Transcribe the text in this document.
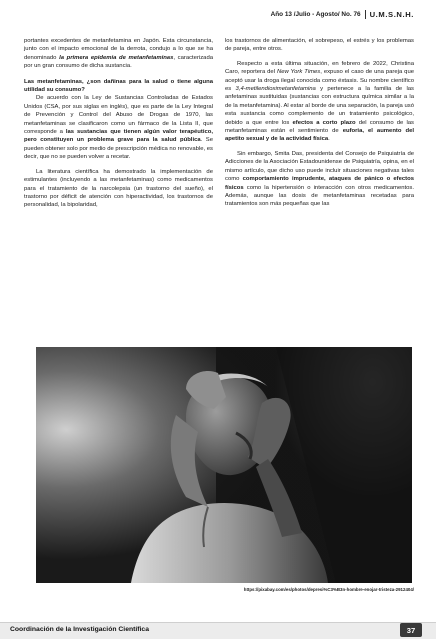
Año 13 /Julio - Agosto/ No. 76 U.M.S.N.H.

portantes excedentes de metanfetamina en Japón. Esta circunstancia, junto con el impacto emocional de la derrota, condujo a lo que se ha denominado la primera epidemia de metanfetaminas, caracterizada por un gran consumo de dicha sustancia.

Las metanfetaminas, ¿son dañinas para la salud o tiene alguna utilidad su consumo?

De acuerdo con la Ley de Sustancias Controladas de Estados Unidos (CSA, por sus siglas en inglés), que es parte de la Ley Integral de Prevención y Control del Abuso de Drogas de 1970, las metanfetaminas se clasificaron como un fármaco de la Lista II, que corresponde a las sustancias que tienen algún valor terapéutico, pero constituyen un problema grave para la salud pública. Se pueden obtener solo por medio de prescripción médica no renovable, es decir, que no se pueden volver a recetar.

La literatura científica ha demostrado la implementación de estimulantes (incluyendo a las metanfetaminas) como medicamentos para el tratamiento de la narcolepsia (un trastorno del sueño), el trastorno por déficit de atención con hiperactividad, los trastornos de personalidad, la bipolaridad,

los trastornos de alimentación, el sobrepeso, el estrés y los problemas de pareja, entre otros.

Respecto a esta última situación, en febrero de 2022, Christina Caro, reportera del New York Times, expuso el caso de una pareja que aceptó usar la droga ilegal conocida como éxtasis. Su nombre científico es 3,4-metilendioximetanfetamina y pertenece a la familia de las anfetaminas sustituidas (sustancias con estructura química similar a la de la metanfetamina). Al estar al borde de una separación, la pareja usó esta sustancia como complemento de un tratamiento psicológico, debido a que entre los efectos a corto plazo del consumo de las metanfetaminas están el sentimiento de euforia, el aumento del apetito sexual y de la actividad física.

Sin embargo, Smita Das, presidenta del Consejo de Psiquiatría de Adicciones de la Asociación Estadounidense de Psiquiatría, opina, en el mismo artículo, que dicho uso puede incluir situaciones negativas tales como comportamiento imprudente, ataques de pánico o efectos físicos como la hipertensión o interacción con otros medicamentos. Además, aunque las dosis de metanfetaminas recetadas para tratamientos son más pequeñas que las

https://pixabay.com/es/photos/depresi%C3%B3n-hombre-enojar-tristeza-2912404/
Coordinación de la Investigación Científica	37
